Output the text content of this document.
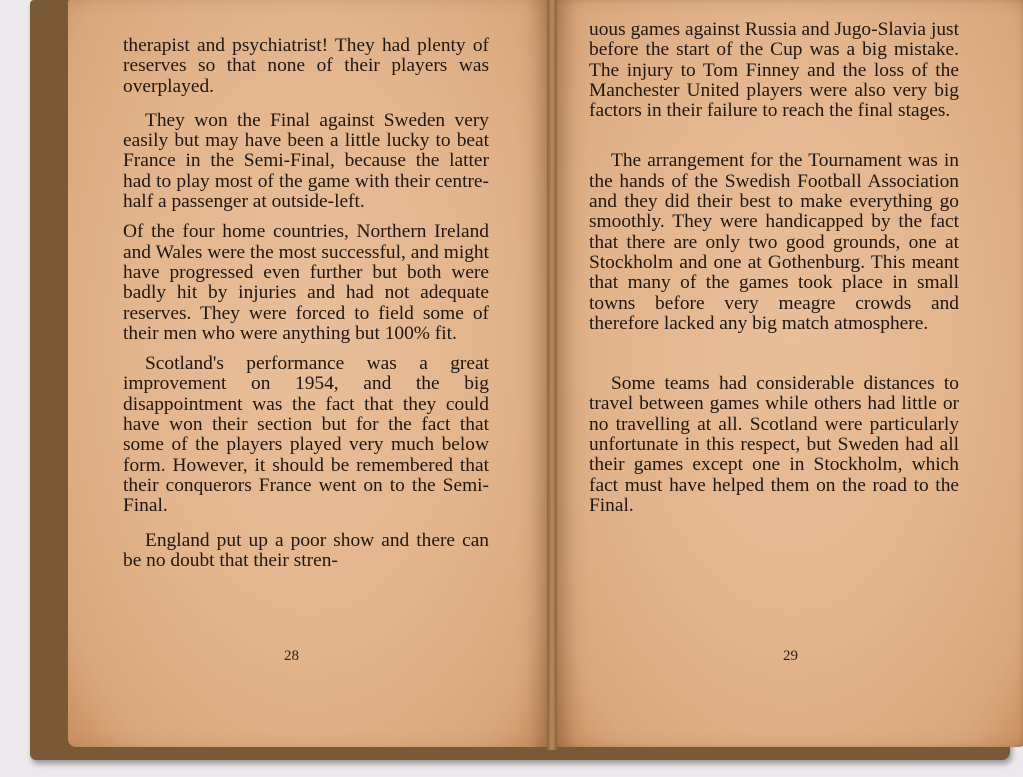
therapist and psychiatrist! They had plenty of reserves so that none of their players was overplayed.

They won the Final against Sweden very easily but may have been a little lucky to beat France in the Semi-Final, because the latter had to play most of the game with their centre-half a passenger at outside-left.

Of the four home countries, Northern Ireland and Wales were the most successful, and might have progressed even further but both were badly hit by injuries and had not adequate reserves. They were forced to field some of their men who were anything but 100% fit.

Scotland's performance was a great improvement on 1954, and the big disappointment was the fact that they could have won their section but for the fact that some of the players played very much below form. However, it should be remembered that their conquerors France went on to the Semi-Final.

England put up a poor show and there can be no doubt that their stren-

28

uous games against Russia and Jugo-Slavia just before the start of the Cup was a big mistake. The injury to Tom Finney and the loss of the Manchester United players were also very big factors in their failure to reach the final stages.

The arrangement for the Tournament was in the hands of the Swedish Football Association and they did their best to make everything go smoothly. They were handicapped by the fact that there are only two good grounds, one at Stockholm and one at Gothenburg. This meant that many of the games took place in small towns before very meagre crowds and therefore lacked any big match atmosphere.

Some teams had considerable distances to travel between games while others had little or no travelling at all. Scotland were particularly unfortunate in this respect, but Sweden had all their games except one in Stockholm, which fact must have helped them on the road to the Final.

29
